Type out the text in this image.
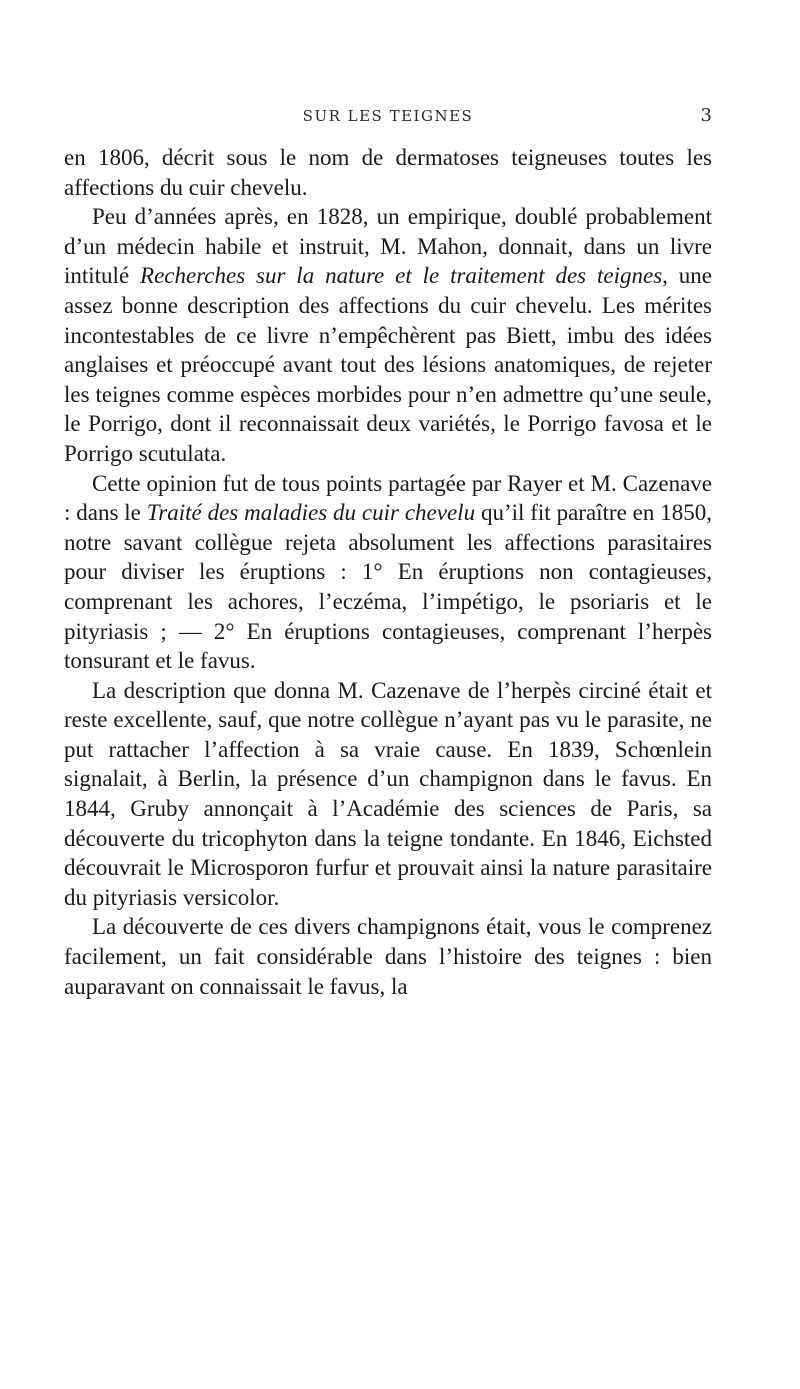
SUR LES TEIGNES	3

en 1806, décrit sous le nom de dermatoses teigneuses toutes les affections du cuir chevelu.

Peu d’années après, en 1828, un empirique, doublé probablement d’un médecin habile et instruit, M. Mahon, donnait, dans un livre intitulé Recherches sur la nature et le traitement des teignes, une assez bonne description des affections du cuir chevelu. Les mérites incontestables de ce livre n’empêchèrent pas Biett, imbu des idées anglaises et préoccupé avant tout des lésions anatomiques, de rejeter les teignes comme espèces morbides pour n’en admettre qu’une seule, le Porrigo, dont il reconnaissait deux variétés, le Porrigo favosa et le Porrigo scutulata.

Cette opinion fut de tous points partagée par Rayer et M. Cazenave : dans le Traité des maladies du cuir chevelu qu’il fit paraître en 1850, notre savant collègue rejeta absolument les affections parasitaires pour diviser les éruptions : 1° En éruptions non contagieuses, comprenant les achores, l’eczéma, l’impétigo, le psoriaris et le pityriasis ; — 2° En éruptions contagieuses, comprenant l’herpès tonsurant et le favus.

La description que donna M. Cazenave de l’herpès circiné était et reste excellente, sauf, que notre collègue n’ayant pas vu le parasite, ne put rattacher l’affection à sa vraie cause. En 1839, Schœnlein signalait, à Berlin, la présence d’un champignon dans le favus. En 1844, Gruby annonçait à l’Académie des sciences de Paris, sa découverte du tricophyton dans la teigne tondante. En 1846, Eichsted découvrait le Microsporon furfur et prouvait ainsi la nature parasitaire du pityriasis versicolor.

La découverte de ces divers champignons était, vous le comprenez facilement, un fait considérable dans l’histoire des teignes : bien auparavant on connaissait le favus, la
